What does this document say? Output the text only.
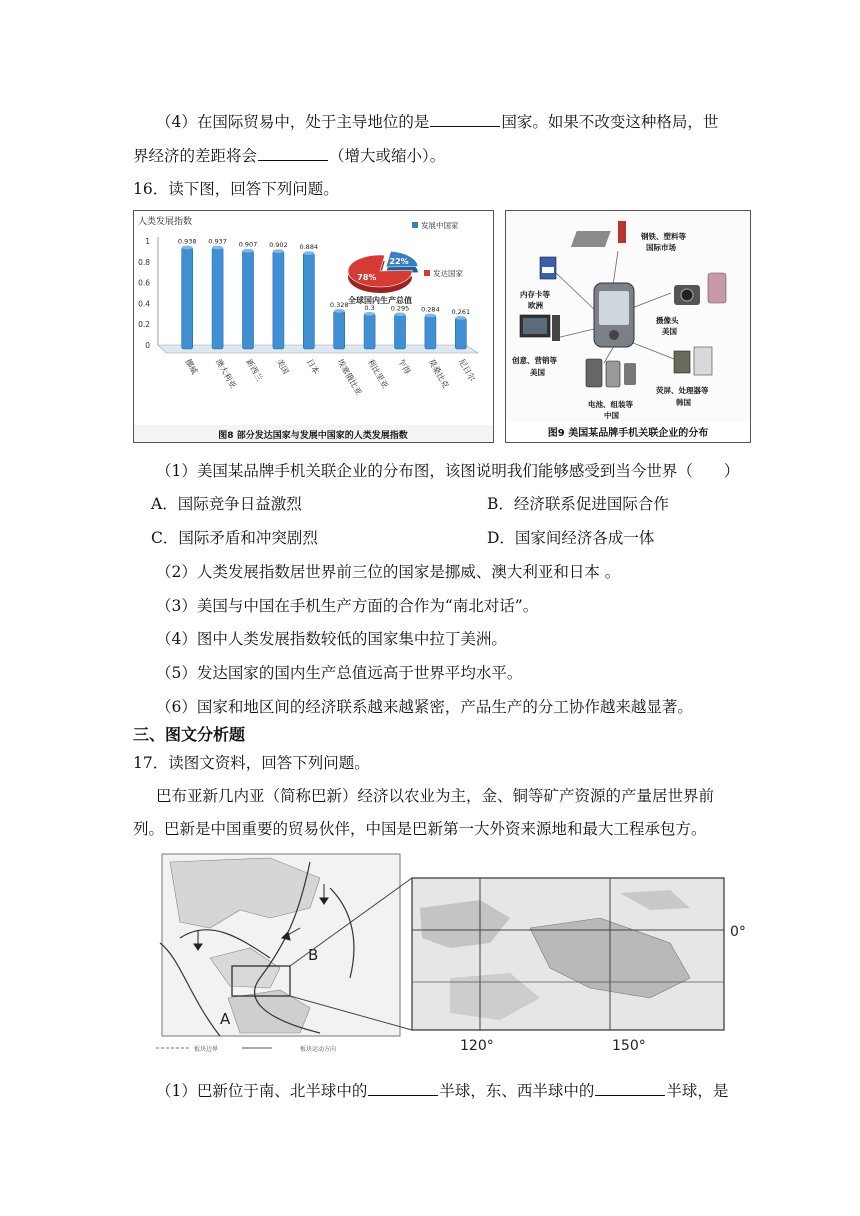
（4）在国际贸易中，处于主导地位的是	国家。如果不改变这种格局，世
界经济的差距将会	（增大或缩小）。
16．读下图，回答下列问题。
人类发展指数
0
0.2
0.4
0.6
0.8
1	0.938 0.937 0.907 0.902 0.884
0.328 0.3 0.295 0.284 0.261
挪威 澳大利亚 新西兰 美国 日本 埃塞俄比亚 利比里亚 乍得 莫桑比克 尼日尔
22%
78%
发展中国家
发达国家
全球国内生产总值
图8 部分发达国家与发展中国家的人类发展指数
钢铁、塑料等
国际市场
内存卡等
欧洲
摄像头
美国
创意、营销等
美国
电池、组装等
中国
荧屏、处理器等
韩国
图9 美国某品牌手机关联企业的分布
（1）美国某品牌手机关联企业的分布图，该图说明我们能够感受到当今世界（　　）
A．国际竞争日益激烈	B．经济联系促进国际合作
C．国际矛盾和冲突剧烈	D．国家间经济各成一体
（2）人类发展指数居世界前三位的国家是挪威、澳大利亚和日本 。
（3）美国与中国在手机生产方面的合作为“南北对话”。
（4）图中人类发展指数较低的国家集中拉丁美洲。
（5）发达国家的国内生产总值远高于世界平均水平。
（6）国家和地区间的经济联系越来越紧密，产品生产的分工协作越来越显著。
三、图文分析题
17．读图文资料，回答下列问题。
巴布亚新几内亚（简称巴新）经济以农业为主，金、铜等矿产资源的产量居世界前
列。巴新是中国重要的贸易伙伴，中国是巴新第一大外资来源地和最大工程承包方。
A
B
板块边界	板块运动方向	120°	150°
0°
（1）巴新位于南、北半球中的	半球，东、西半球中的	半球，是
